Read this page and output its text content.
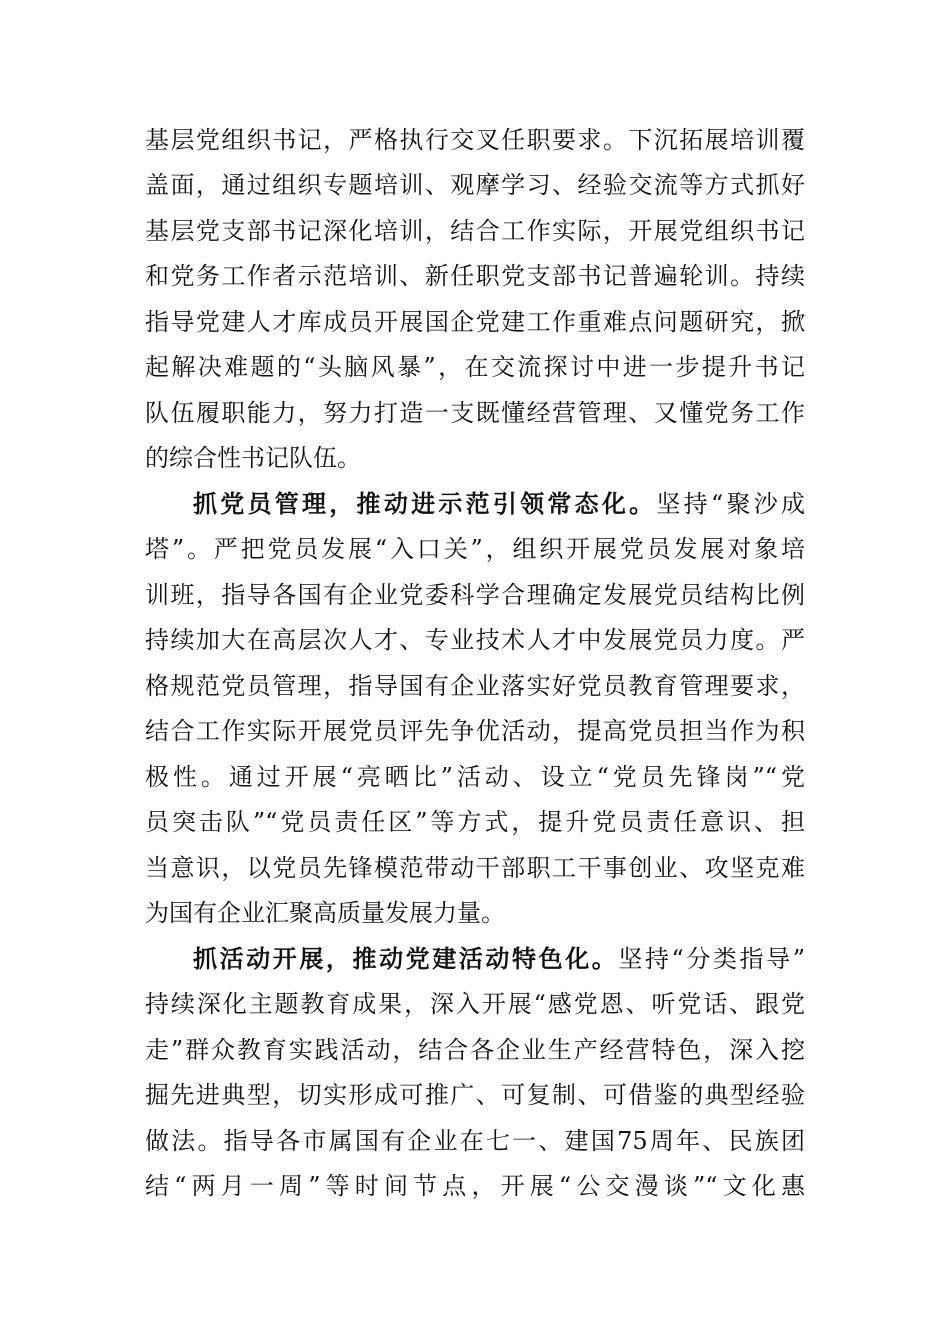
基层党组织书记，严格执行交叉任职要求。下沉拓展培训覆
盖面，通过组织专题培训、观摩学习、经验交流等方式抓好
基层党支部书记深化培训，结合工作实际，开展党组织书记
和党务工作者示范培训、新任职党支部书记普遍轮训。持续
指导党建人才库成员开展国企党建工作重难点问题研究，掀
起解决难题的“头脑风暴”，在交流探讨中进一步提升书记
队伍履职能力，努力打造一支既懂经营管理、又懂党务工作
的综合性书记队伍。
抓党员管理，推动进示范引领常态化。坚持“聚沙成
塔”。严把党员发展“入口关”，组织开展党员发展对象培
训班，指导各国有企业党委科学合理确定发展党员结构比例
持续加大在高层次人才、专业技术人才中发展党员力度。严
格规范党员管理，指导国有企业落实好党员教育管理要求，
结合工作实际开展党员评先争优活动，提高党员担当作为积
极性。通过开展“亮晒比”活动、设立“党员先锋岗”“党
员突击队”“党员责任区”等方式，提升党员责任意识、担
当意识，以党员先锋模范带动干部职工干事创业、攻坚克难
为国有企业汇聚高质量发展力量。
抓活动开展，推动党建活动特色化。坚持“分类指导”
持续深化主题教育成果，深入开展“感党恩、听党话、跟党
走”群众教育实践活动，结合各企业生产经营特色，深入挖
掘先进典型，切实形成可推广、可复制、可借鉴的典型经验
做法。指导各市属国有企业在七一、建国75周年、民族团
结“两月一周”等时间节点，开展“公交漫谈”“文化惠
